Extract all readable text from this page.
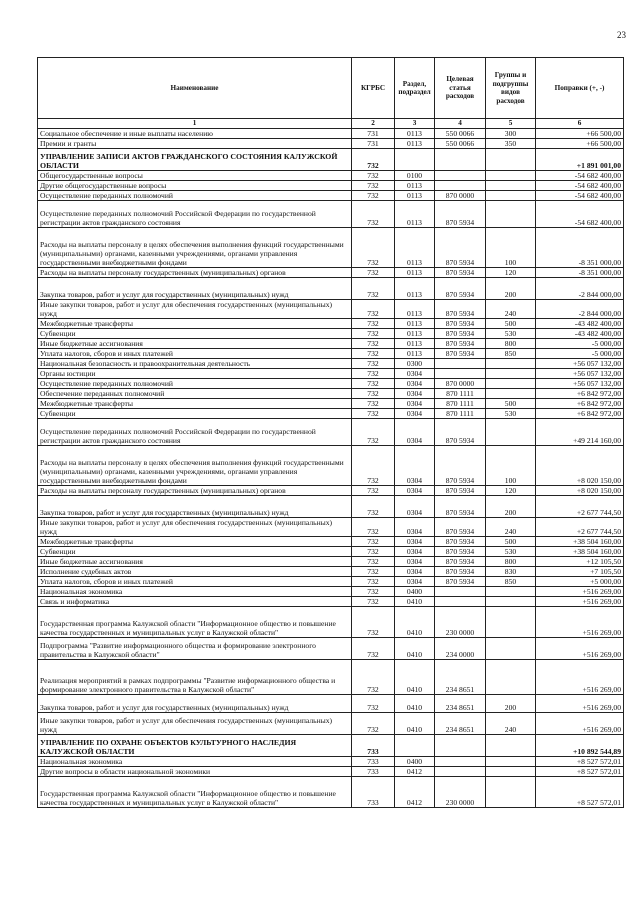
23
Наименование	КГРБС	Раздел, подраздел	Целевая статья расходов	Группы и подгруппы видов расходов	Поправки (+, -)
1	2	3	4	5	6
Социальное обеспечение и иные выплаты населению	731	0113	550 0066	300	+66 500,00
Премии и гранты	731	0113	550 0066	350	+66 500,00
УПРАВЛЕНИЕ ЗАПИСИ АКТОВ ГРАЖДАНСКОГО СОСТОЯНИЯ КАЛУЖСКОЙ ОБЛАСТИ	732				+1 891 001,00
Общегосударственные вопросы	732	0100			-54 682 400,00
Другие общегосударственные вопросы	732	0113			-54 682 400,00
Осуществление переданных полномочий	732	0113	870 0000		-54 682 400,00
Осуществление переданных полномочий Российской Федерации по государственной регистрации актов гражданского состояния	732	0113	870 5934		-54 682 400,00
Расходы на выплаты персоналу в целях обеспечения выполнения функций государственными (муниципальными) органами, казенными учреждениями, органами управления государственными внебюджетными фондами	732	0113	870 5934	100	-8 351 000,00
Расходы на выплаты персоналу государственных (муниципальных) органов	732	0113	870 5934	120	-8 351 000,00
Закупка товаров, работ и услуг для государственных (муниципальных) нужд	732	0113	870 5934	200	-2 844 000,00
Иные закупки товаров, работ и услуг для обеспечения государственных (муниципальных) нужд	732	0113	870 5934	240	-2 844 000,00
Межбюджетные трансферты	732	0113	870 5934	500	-43 482 400,00
Субвенции	732	0113	870 5934	530	-43 482 400,00
Иные бюджетные ассигнования	732	0113	870 5934	800	-5 000,00
Уплата налогов, сборов и иных платежей	732	0113	870 5934	850	-5 000,00
Национальная безопасность и правоохранительная деятельность	732	0300			+56 057 132,00
Органы юстиции	732	0304			+56 057 132,00
Осуществление переданных полномочий	732	0304	870 0000		+56 057 132,00
Обеспечение переданных полномочий	732	0304	870 1111		+6 842 972,00
Межбюджетные трансферты	732	0304	870 1111	500	+6 842 972,00
Субвенции	732	0304	870 1111	530	+6 842 972,00
Осуществление переданных полномочий Российской Федерации по государственной регистрации актов гражданского состояния	732	0304	870 5934		+49 214 160,00
Расходы на выплаты персоналу в целях обеспечения выполнения функций государственными (муниципальными) органами, казенными учреждениями, органами управления государственными внебюджетными фондами	732	0304	870 5934	100	+8 020 150,00
Расходы на выплаты персоналу государственных (муниципальных) органов	732	0304	870 5934	120	+8 020 150,00
Закупка товаров, работ и услуг для государственных (муниципальных) нужд	732	0304	870 5934	200	+2 677 744,50
Иные закупки товаров, работ и услуг для обеспечения государственных (муниципальных) нужд	732	0304	870 5934	240	+2 677 744,50
Межбюджетные трансферты	732	0304	870 5934	500	+38 504 160,00
Субвенции	732	0304	870 5934	530	+38 504 160,00
Иные бюджетные ассигнования	732	0304	870 5934	800	+12 105,50
Исполнение судебных актов	732	0304	870 5934	830	+7 105,50
Уплата налогов, сборов и иных платежей	732	0304	870 5934	850	+5 000,00
Национальная экономика	732	0400			+516 269,00
Связь и информатика	732	0410			+516 269,00
Государственная программа Калужской области "Информационное общество и повышение качества государственных и муниципальных услуг в Калужской области"	732	0410	230 0000		+516 269,00
Подпрограмма "Развитие информационного общества и формирование электронного правительства в Калужской области"	732	0410	234 0000		+516 269,00
Реализация мероприятий в рамках подпрограммы "Развитие информационного общества и формирование электронного правительства в Калужской области"	732	0410	234 8651		+516 269,00
Закупка товаров, работ и услуг для государственных (муниципальных) нужд	732	0410	234 8651	200	+516 269,00
Иные закупки товаров, работ и услуг для обеспечения государственных (муниципальных) нужд	732	0410	234 8651	240	+516 269,00
УПРАВЛЕНИЕ ПО ОХРАНЕ ОБЪЕКТОВ КУЛЬТУРНОГО НАСЛЕДИЯ КАЛУЖСКОЙ ОБЛАСТИ	733				+10 892 544,89
Национальная экономика	733	0400			+8 527 572,01
Другие вопросы в области национальной экономики	733	0412			+8 527 572,01
Государственная программа Калужской области "Информационное общество и повышение качества государственных и муниципальных услуг в Калужской области"	733	0412	230 0000		+8 527 572,01
